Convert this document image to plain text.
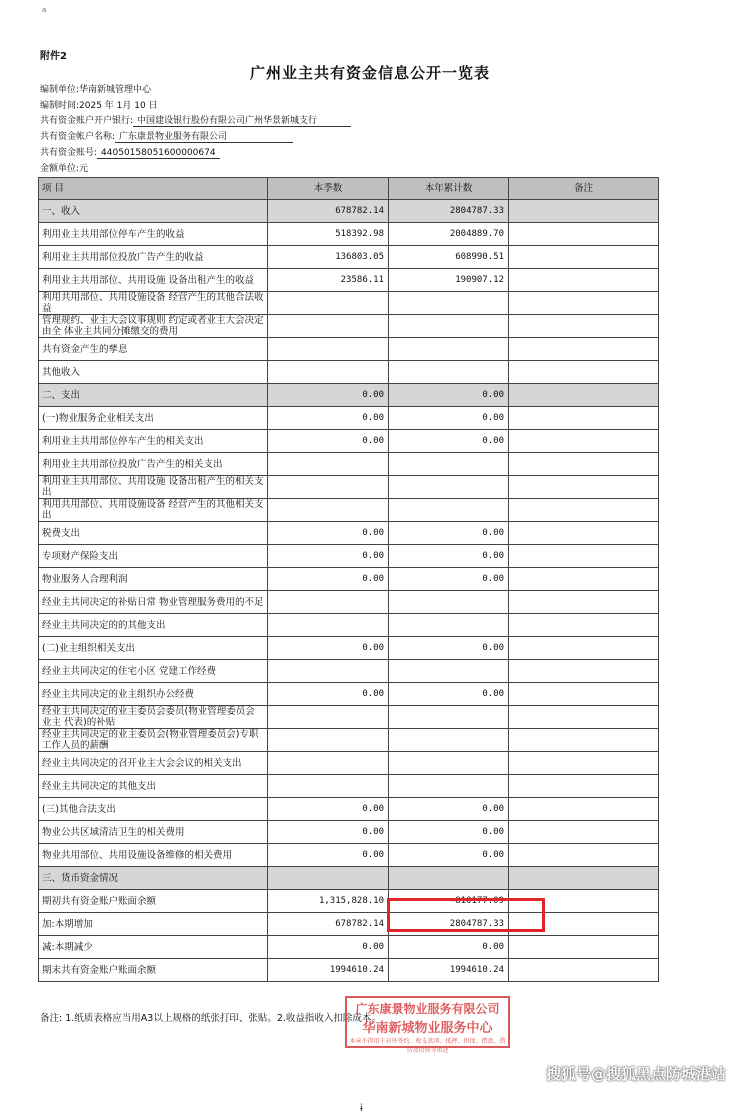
a
附件2
广州业主共有资金信息公开一览表
编制单位:华南新城管理中心
编制时间:2025 年 1月 10 日
共有资金账户开户银行: 中国建设银行股份有限公司广州华景新城支行
共有资金帐户名称: 广东康景物业服务有限公司
共有资金账号: 44050158051600000674
金额单位:元
项 目	本季数	本年累计数	备注
一、收入	678782.14	2804787.33	
利用业主共用部位停车产生的收益	518392.98	2004889.70	
利用业主共用部位投放广告产生的收益	136803.05	608990.51	
利用业主共用部位、共用设施 设备出租产生的收益	23586.11	190907.12	
利用共用部位、共用设施设备 经营产生的其他合法收益			
管理规约、业主大会议事规则 约定或者业主大会决定由全 体业主共同分摊缴交的费用			
共有资金产生的孳息			
其他收入			
二、支出	0.00	0.00	
(一)物业服务企业相关支出	0.00	0.00	
利用业主共用部位停车产生的相关支出	0.00	0.00	
利用业主共用部位投放广告产生的相关支出			
利用业主共用部位、共用设施 设备出租产生的相关支出			
利用共用部位、共用设施设备 经营产生的其他相关支出			
税费支出	0.00	0.00	
专项财产保险支出	0.00	0.00	
物业服务人合理利润	0.00	0.00	
经业主共同决定的补贴日常 物业管理服务费用的不足			
经业主共同决定的的其他支出			
(二)业主组织相关支出	0.00	0.00	
经业主共同决定的住宅小区 党建工作经费			
经业主共同决定的业主组织办公经费	0.00	0.00	
经业主共同决定的业主委员会委员(物业管理委员会业主 代表)的补贴			
经业主共同决定的业主委员会(物业管理委员会)专职工作人员的薪酬			
经业主共同决定的召开业主大会会议的相关支出			
经业主共同决定的其他支出			
(三)其他合法支出	0.00	0.00	
物业公共区域清洁卫生的相关费用	0.00	0.00	
物业共用部位、共用设施设备维修的相关费用	0.00	0.00	
三、货币资金情况			
期初共有资金账户账面余额	1,315,828.10	-810177.09	
加:本期增加	678782.14	2804787.33	
减:本期减少	0.00	0.00	
期末共有资金账户账面余额	1994610.24	1994610.24	
备注: 1.纸质表格应当用A3以上规格的纸张打印、张贴。2.收益指收入扣除成本。
广东康景物业服务有限公司
华南新城物业服务中心
本章不得用于对外签约、收支款项、抵押、担保、借款、借贷及投资等用途
搜狐号@搜狐黑点防城港站
ɨ
